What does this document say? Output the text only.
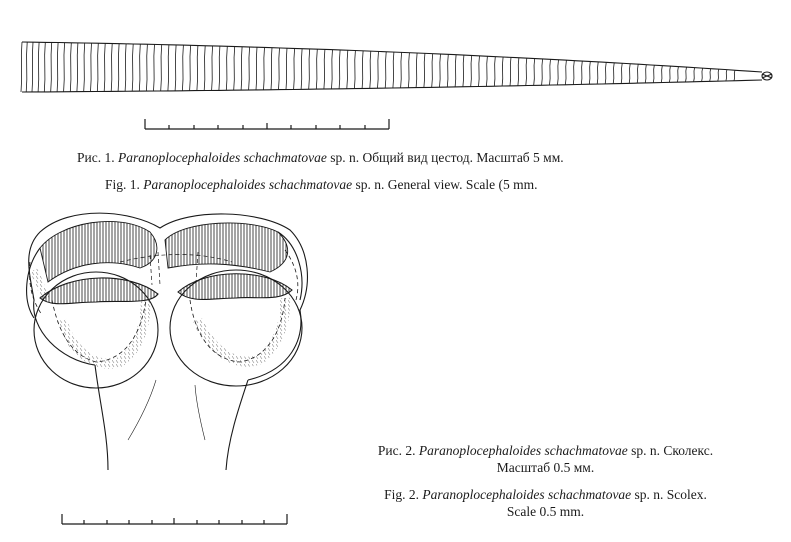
Рис. 1. Paranoplocephaloides schachmatovae sp. n. Общий вид цестод. Масштаб 5 мм.
Fig. 1. Paranoplocephaloides schachmatovae sp. n. General view. Scale (5 mm.
Рис. 2. Paranoplocephaloides schachmatovae sp. n. Сколекс.
Масштаб 0.5 мм.
Fig. 2. Paranoplocephaloides schachmatovae sp. n. Scolex.
Scale 0.5 mm.
